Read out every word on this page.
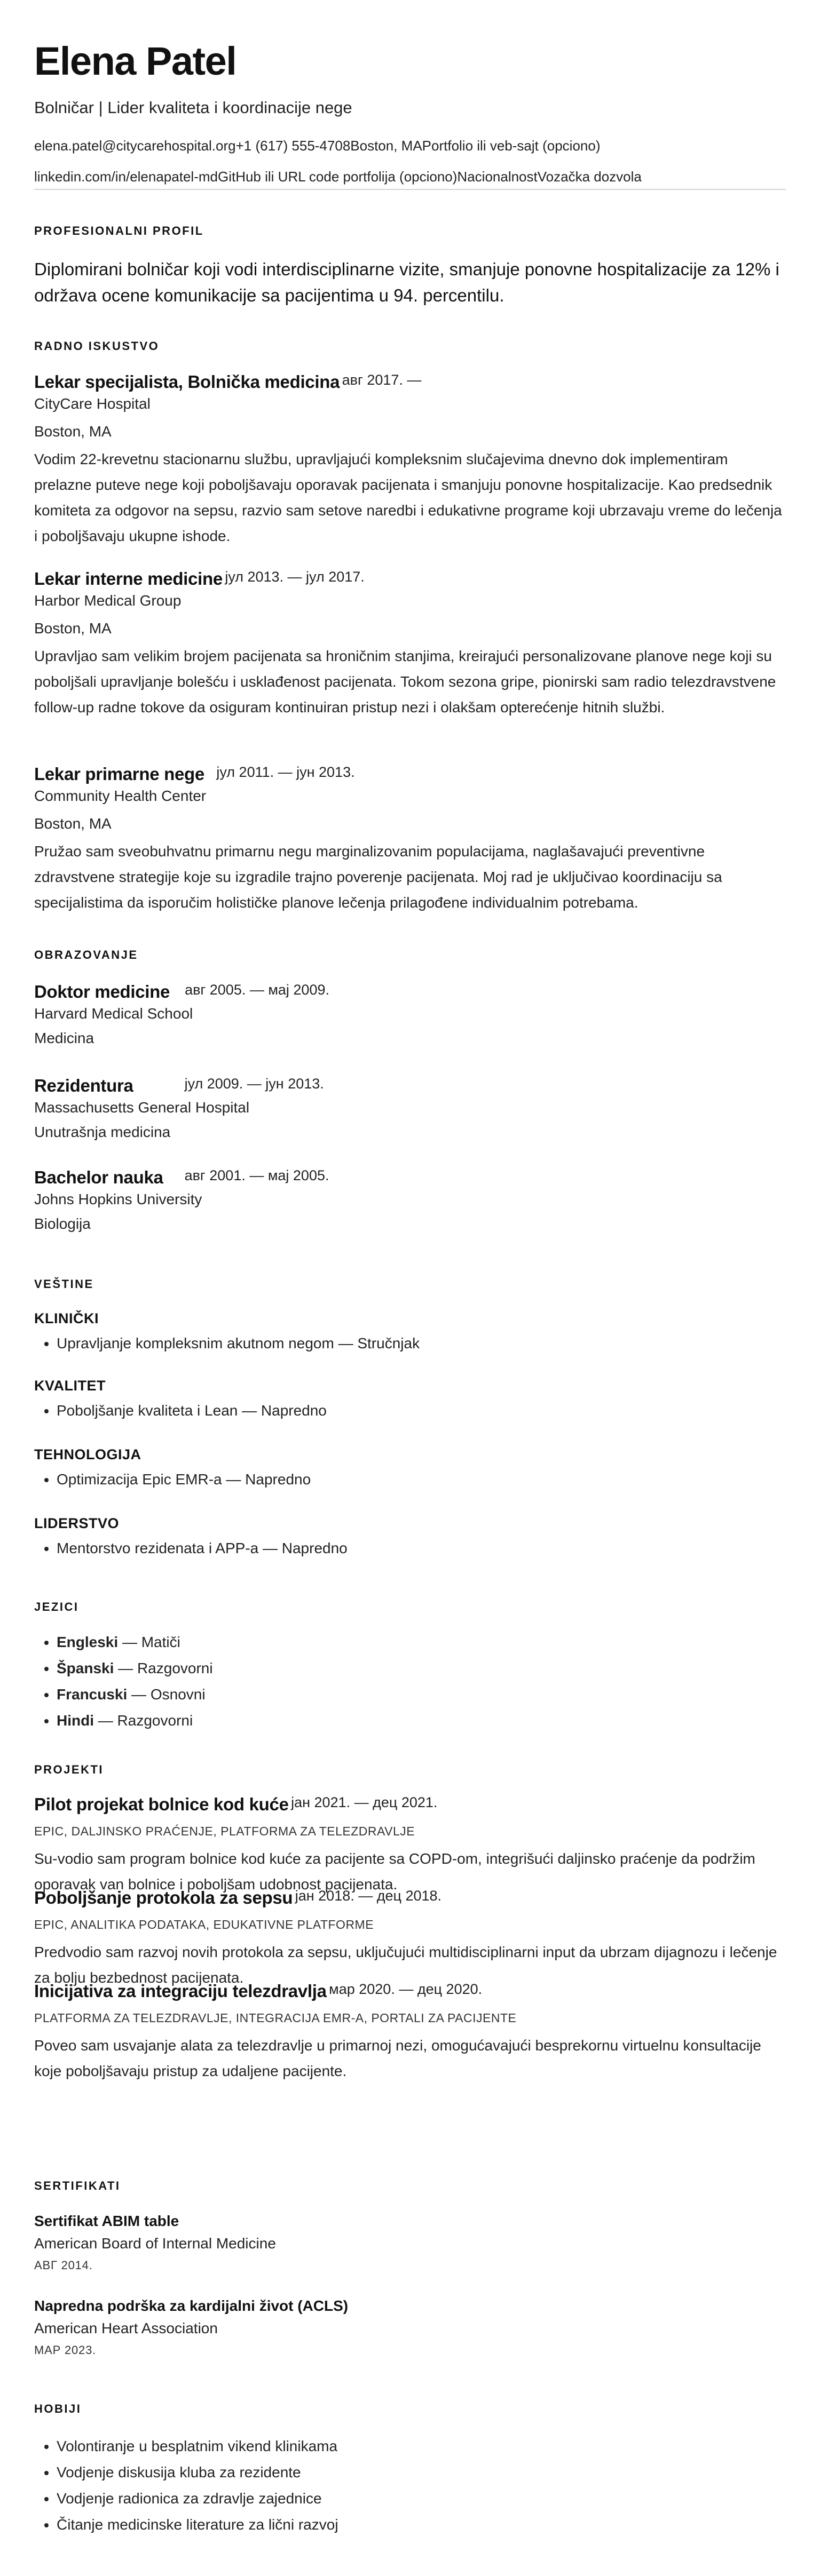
Elena Patel
Bolničar | Lider kvaliteta i koordinacije nege
elena.patel@citycarehospital.org+1 (617) 555-4708Boston, MAPortfolio ili veb-sajt (opciono)
linkedin.com/in/elenapatel-mdGitHub ili URL code portfolija (opciono)NacionalnostVozačka dozvola
PROFESIONALNI PROFIL
Diplomirani bolničar koji vodi interdisciplinarne vizite, smanjuje ponovne hospitalizacije za 12% i održava ocene komunikacije sa pacijentima u 94. percentilu.
RADNO ISKUSTVO
Lekar specijalista, Bolnička medicina авг 2017. —
CityCare Hospital
Boston, MA
Vodim 22-krevetnu stacionarnu službu, upravljajući kompleksnim slučajevima dnevno dok implementiram prelazne puteve nege koji poboljšavaju oporavak pacijenata i smanjuju ponovne hospitalizacije. Kao predsednik komiteta za odgovor na sepsu, razvio sam setove naredbi i edukativne programe koji ubrzavaju vreme do lečenja i poboljšavaju ukupne ishode.
Lekar interne medicine јул 2013. — јул 2017.
Harbor Medical Group
Boston, MA
Upravljao sam velikim brojem pacijenata sa hroničnim stanjima, kreirajući personalizovane planove nege koji su poboljšali upravljanje bolešću i usklađenost pacijenata. Tokom sezona gripe, pionirski sam radio telezdravstvene follow-up radne tokove da osiguram kontinuiran pristup nezi i olakšam opterećenje hitnih službi.
Lekar primarne nege јул 2011. — јун 2013.
Community Health Center
Boston, MA
Pružao sam sveobuhvatnu primarnu negu marginalizovanim populacijama, naglašavajući preventivne zdravstvene strategije koje su izgradile trajno poverenje pacijenata. Moj rad je uključivao koordinaciju sa specijalistima da isporučim holističke planove lečenja prilagođene individualnim potrebama.
OBRAZOVANJE
Doktor medicine авг 2005. — мај 2009.
Harvard Medical School
Medicina
Rezidentura	јул 2009. — јун 2013.
Massachusetts General Hospital
Unutrašnja medicina
Bachelor nauka авг 2001. — мај 2005.
Johns Hopkins University
Biologija
VEŠTINE
KLINIČKI
• Upravljanje kompleksnim akutnom negom — Stručnjak
KVALITET
• Poboljšanje kvaliteta i Lean — Napredno
TEHNOLOGIJA
• Optimizacija Epic EMR-a — Napredno
LIDERSTVO
• Mentorstvo rezidenata i APP-a — Napredno
JEZICI
• Engleski — Matiči
• Španski — Razgovorni
• Francuski — Osnovni
• Hindi — Razgovorni
PROJEKTI
Pilot projekat bolnice kod kuće јан 2021. — дец 2021.
EPIC, DALJINSKO PRAĆENJE, PLATFORMA ZA TELEZDRAVLJE
Su-vodio sam program bolnice kod kuće za pacijente sa COPD-om, integrišući daljinsko praćenje da podržim oporavak van bolnice i poboljšam udobnost pacijenata.
Poboljšanje protokola za sepsu јан 2018. — дец 2018.
EPIC, ANALITIKA PODATAKA, EDUKATIVNE PLATFORME
Predvodio sam razvoj novih protokola za sepsu, uključujući multidisciplinarni input da ubrzam dijagnozu i lečenje za bolju bezbednost pacijenata.
Inicijativa za integraciju telezdravlja мар 2020. — дец 2020.
PLATFORMA ZA TELEZDRAVLJE, INTEGRACIJA EMR-A, PORTALI ZA PACIJENTE
Poveo sam usvajanje alata za telezdravlje u primarnoj nezi, omogućavajući besprekornu virtuelnu konsultacije koje poboljšavaju pristup za udaljene pacijente.
SERTIFIKATI
Sertifikat ABIM table
American Board of Internal Medicine
АВГ 2014.
Napredna podrška za kardijalni život (ACLS)
American Heart Association
МАР 2023.
HOBIJI
• Volontiranje u besplatnim vikend klinikama
• Vodjenje diskusija kluba za rezidente
• Vodjenje radionica za zdravlje zajednice
• Čitanje medicinske literature za lični razvoj
